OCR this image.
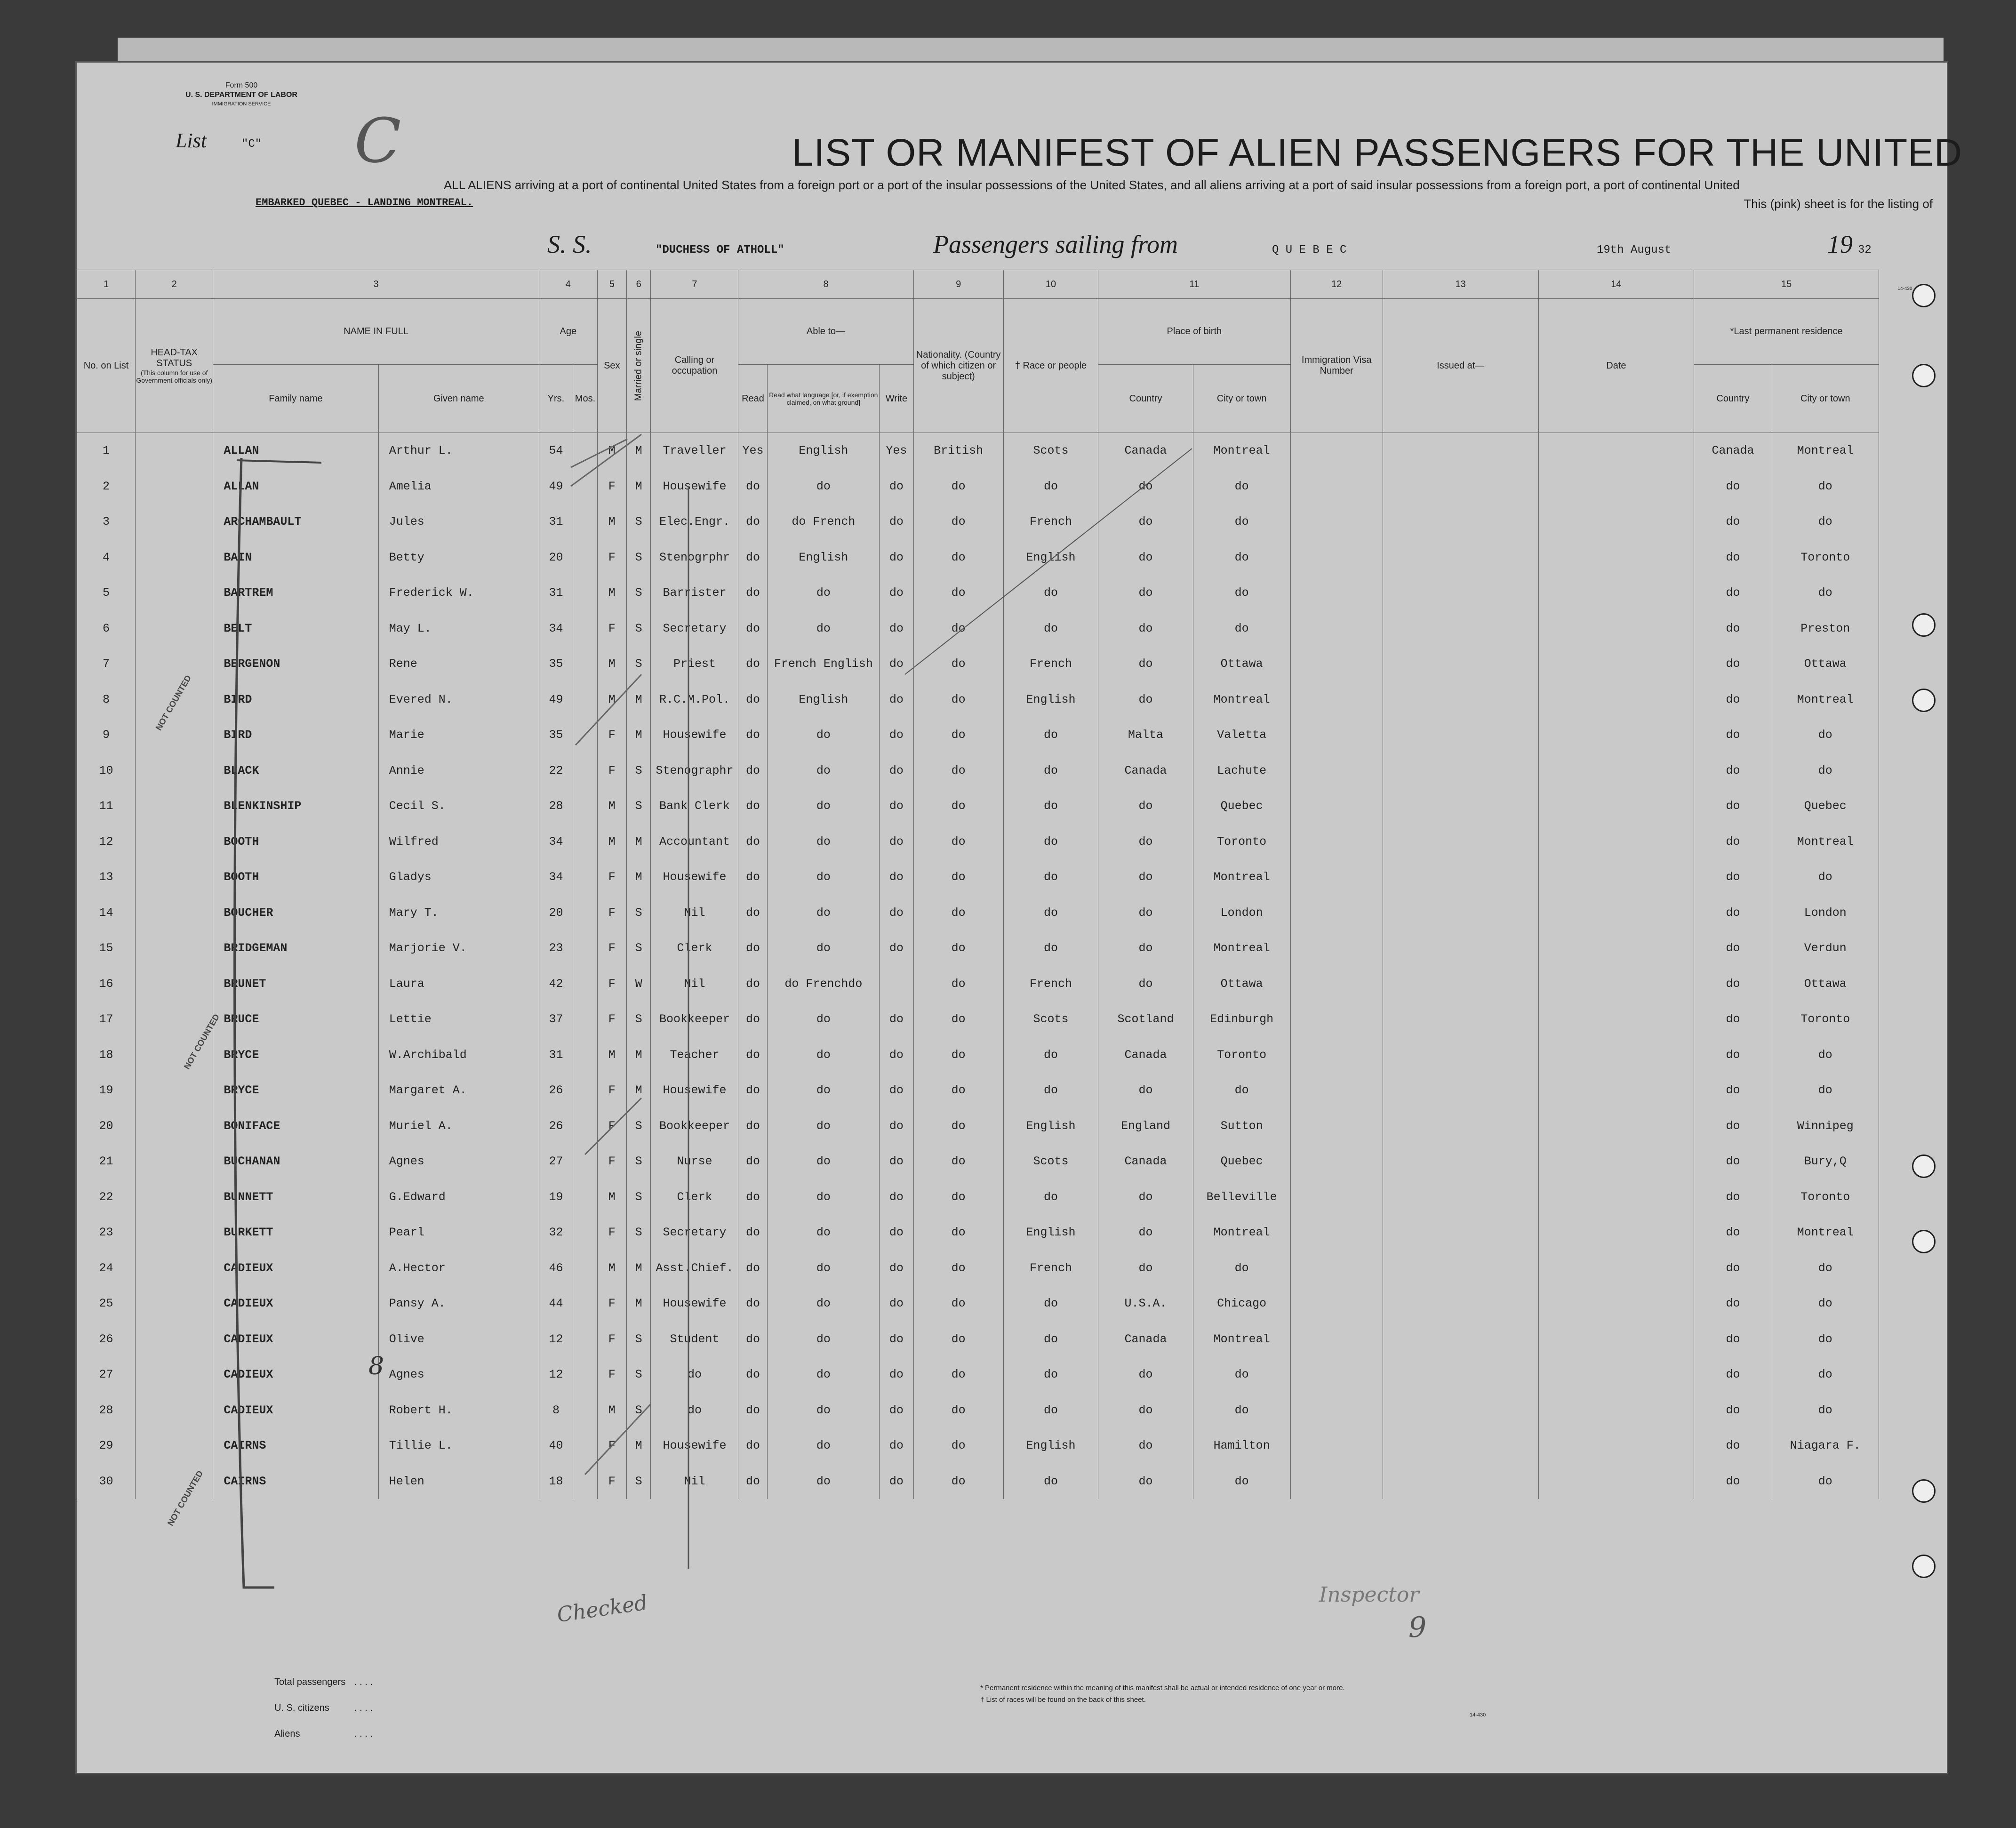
Form 500
U. S. DEPARTMENT OF LABOR
IMMIGRATION SERVICE
List	"C" C	LIST OR MANIFEST OF ALIEN PASSENGERS FOR THE UNITED
ALL ALIENS arriving at a port of continental United States from a foreign port or a port of the insular possessions of the United States, and all aliens arriving at a port of said insular possessions from a foreign port, a port of continental United
This (pink) sheet is for the listing of
EMBARKED QUEBEC - LANDING MONTREAL.
S. S.	"DUCHESS OF ATHOLL"	Passengers sailing from	Q U E B E C	19th August	19 32
14-430
1	2	3		4		5	6	7	8			9	10	11		12	13	14	15	
No. on List	HEAD-TAX STATUS
(This column for use of Government officials only)	NAME IN FULL		Age		Sex	Married or single	Calling or occupation	Able to—			Nationality. (Country of which citizen or subject)	† Race or people	Place of birth		Immigration Visa Number	Issued at—	Date	*Last permanent residence	
		Family name	Given name	Yrs.	Mos.				Read	Read what language [or, if exemption claimed, on what ground]	Write			Country	City or town				Country	City or town
1		ALLAN	Arthur L.	54		M	M	Traveller	Yes	English	Yes	British	Scots	Canada	Montreal				Canada	Montreal
2		ALLAN	Amelia	49		F	M	Housewife	do	do	do	do	do	do	do				do	do
3		ARCHAMBAULT	Jules	31		M	S	Elec.Engr.	do	do French	do	do	French	do	do				do	do
4		BAIN	Betty	20		F	S	Stenogrphr	do	English	do	do	English	do	do				do	Toronto
5		BARTREM	Frederick W.	31		M	S	Barrister	do	do	do	do	do	do	do				do	do
6		BELT	May L.	34		F	S	Secretary	do	do	do	do	do	do	do				do	Preston
7		BERGENON	Rene	35		M	S	Priest	do	French English	do	do	French	do	Ottawa				do	Ottawa
8		BIRD	Evered N.	49		M	M	R.C.M.Pol.	do	English	do	do	English	do	Montreal				do	Montreal
9		BIRD	Marie	35		F	M	Housewife	do	do	do	do	do	Malta	Valetta				do	do
10		BLACK	Annie	22		F	S	Stenographr	do	do	do	do	do	Canada	Lachute				do	do
11		BLENKINSHIP	Cecil S.	28		M	S	Bank Clerk	do	do	do	do	do	do	Quebec				do	Quebec
12		BOOTH	Wilfred	34		M	M	Accountant	do	do	do	do	do	do	Toronto				do	Montreal
13		BOOTH	Gladys	34		F	M	Housewife	do	do	do	do	do	do	Montreal				do	do
14		BOUCHER	Mary T.	20		F	S	Nil	do	do	do	do	do	do	London				do	London
15		BRIDGEMAN	Marjorie V.	23		F	S	Clerk	do	do	do	do	do	do	Montreal				do	Verdun
16		BRUNET	Laura	42		F	W	Nil	do	do Frenchdo		do	French	do	Ottawa				do	Ottawa
17		BRUCE	Lettie	37		F	S	Bookkeeper	do	do	do	do	Scots	Scotland	Edinburgh				do	Toronto
18		BRYCE	W.Archibald	31		M	M	Teacher	do	do	do	do	do	Canada	Toronto				do	do
19		BRYCE	Margaret A.	26		F	M	Housewife	do	do	do	do	do	do	do				do	do
20		BONIFACE	Muriel A.	26		F	S	Bookkeeper	do	do	do	do	English	England	Sutton				do	Winnipeg
21		BUCHANAN	Agnes	27		F	S	Nurse	do	do	do	do	Scots	Canada	Quebec				do	Bury,Q
22		BUNNETT	G.Edward	19		M	S	Clerk	do	do	do	do	do	do	Belleville				do	Toronto
23		BURKETT	Pearl	32		F	S	Secretary	do	do	do	do	English	do	Montreal				do	Montreal
24		CADIEUX	A.Hector	46		M	M	Asst.Chief.	do	do	do	do	French	do	do				do	do
25		CADIEUX	Pansy A.	44		F	M	Housewife	do	do	do	do	do	U.S.A.	Chicago				do	do
26		CADIEUX	Olive	12		F	S	Student	do	do	do	do	do	Canada	Montreal				do	do
27		CADIEUX	Agnes	12		F	S	do	do	do	do	do	do	do	do				do	do
28		CADIEUX	Robert H.	8		M	S	do	do	do	do	do	do	do	do				do	do
29		CAIRNS	Tillie L.	40		F	M	Housewife	do	do	do	do	English	do	Hamilton				do	Niagara F.
30		CAIRNS	Helen	18		F	S	Nil	do	do	do	do	do	do	do				do	do
NOT COUNTED
NOT COUNTED
NOT COUNTED
8
Checked
9
Inspector
Total passengers . . . .
U. S. citizens	. . . .
Aliens	. . . .
* Permanent residence within the meaning of this manifest shall be actual or intended residence of one year or more.
† List of races will be found on the back of this sheet.
14-430
